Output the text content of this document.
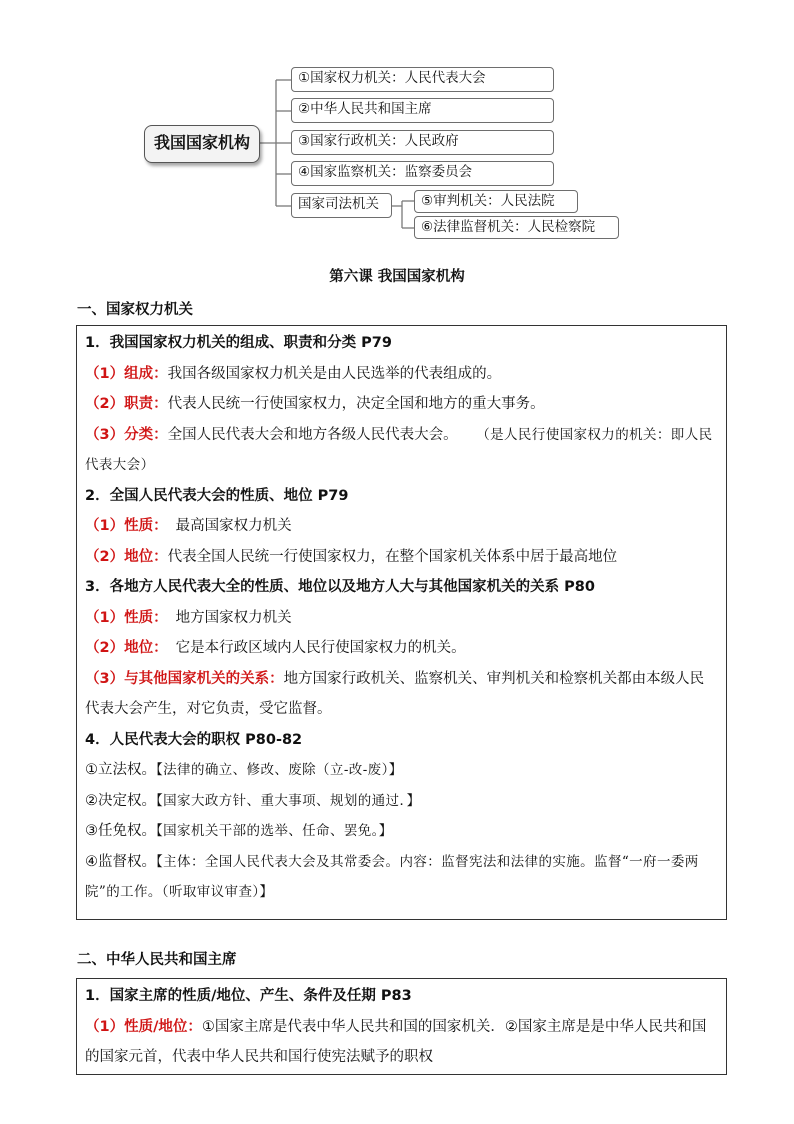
我国国家机构
①国家权力机关：人民代表大会
②中华人民共和国主席
③国家行政机关：人民政府
④国家监察机关：监察委员会
国家司法机关	⑤审判机关：人民法院
⑥法律监督机关：人民检察院
第六课 我国国家机构
一、国家权力机关
1．我国国家权力机关的组成、职责和分类 P79
（1）组成：我国各级国家权力机关是由人民选举的代表组成的。
（2）职责：代表人民统一行使国家权力，决定全国和地方的重大事务。
（3）分类：全国人民代表大会和地方各级人民代表大会。 （是人民行使国家权力的机关：即人民代表大会）
2．全国人民代表大会的性质、地位 P79
（1）性质： 最高国家权力机关
（2）地位：代表全国人民统一行使国家权力，在整个国家机关体系中居于最高地位
3．各地方人民代表大全的性质、地位以及地方人大与其他国家机关的关系 P80
（1）性质： 地方国家权力机关
（2）地位： 它是本行政区域内人民行使国家权力的机关。
（3）与其他国家机关的关系：地方国家行政机关、监察机关、审判机关和检察机关都由本级人民代表大会产生，对它负责，受它监督。
4．人民代表大会的职权 P80-82
①立法权。【法律的确立、修改、废除（立-改-废）】
②决定权。【国家大政方针、重大事项、规划的通过．】
③任免权。【国家机关干部的选举、任命、罢免。】
④监督权。【主体：全国人民代表大会及其常委会。内容：监督宪法和法律的实施。监督“一府一委两院”的工作。（听取审议审查）】
二、中华人民共和国主席
1．国家主席的性质/地位、产生、条件及任期 P83
（1）性质/地位：①国家主席是代表中华人民共和国的国家机关．②国家主席是是中华人民共和国的国家元首，代表中华人民共和国行使宪法赋予的职权
